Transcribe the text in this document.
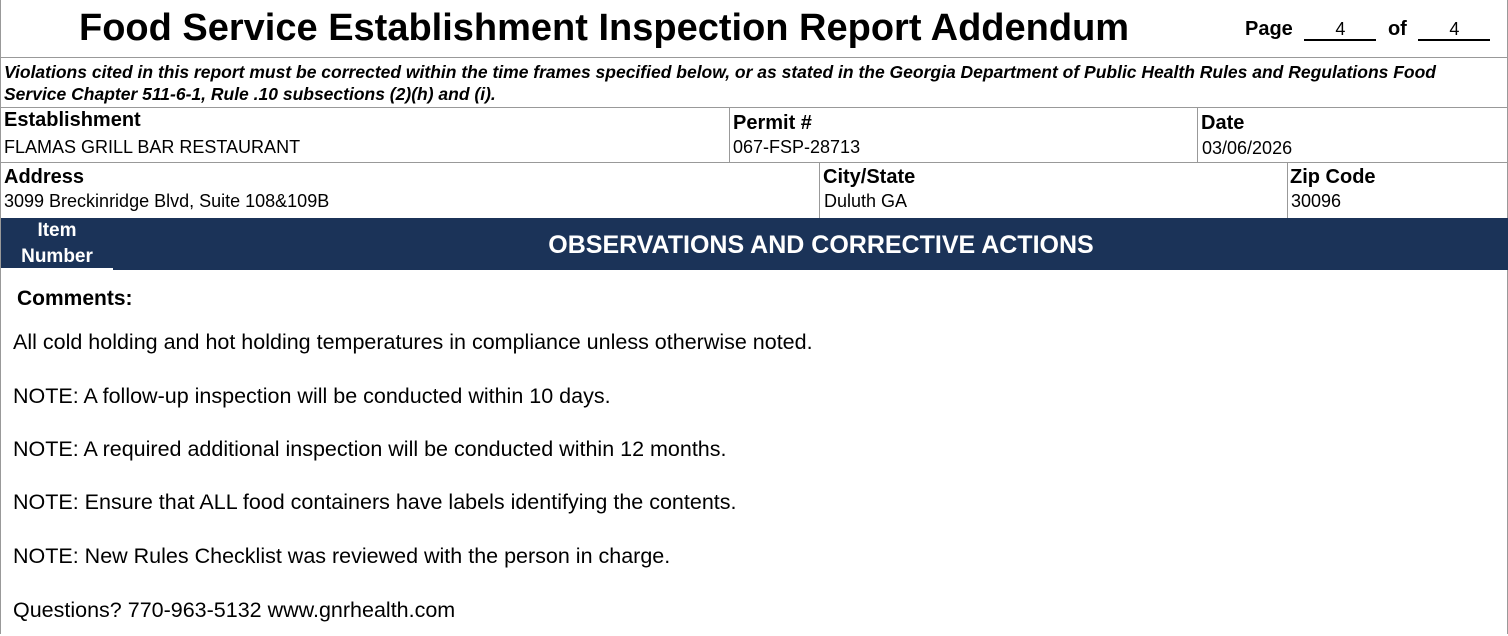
Food Service Establishment Inspection Report Addendum	Page 4 of 4
Violations cited in this report must be corrected within the time frames specified below, or as stated in the Georgia Department of Public Health Rules and Regulations Food Service Chapter 511-6-1, Rule .10 subsections (2)(h) and (i).
Establishment
FLAMAS GRILL BAR RESTAURANT
Permit #
067-FSP-28713
Date
03/06/2026
Address
3099 Breckinridge Blvd, Suite 108&109B
City/State
Duluth GA
Zip Code
30096
Item
Number	OBSERVATIONS AND CORRECTIVE ACTIONS
Comments:
All cold holding and hot holding temperatures in compliance unless otherwise noted.
NOTE: A follow-up inspection will be conducted within 10 days.
NOTE: A required additional inspection will be conducted within 12 months.
NOTE: Ensure that ALL food containers have labels identifying the contents.
NOTE: New Rules Checklist was reviewed with the person in charge.
Questions? 770-963-5132 www.gnrhealth.com
